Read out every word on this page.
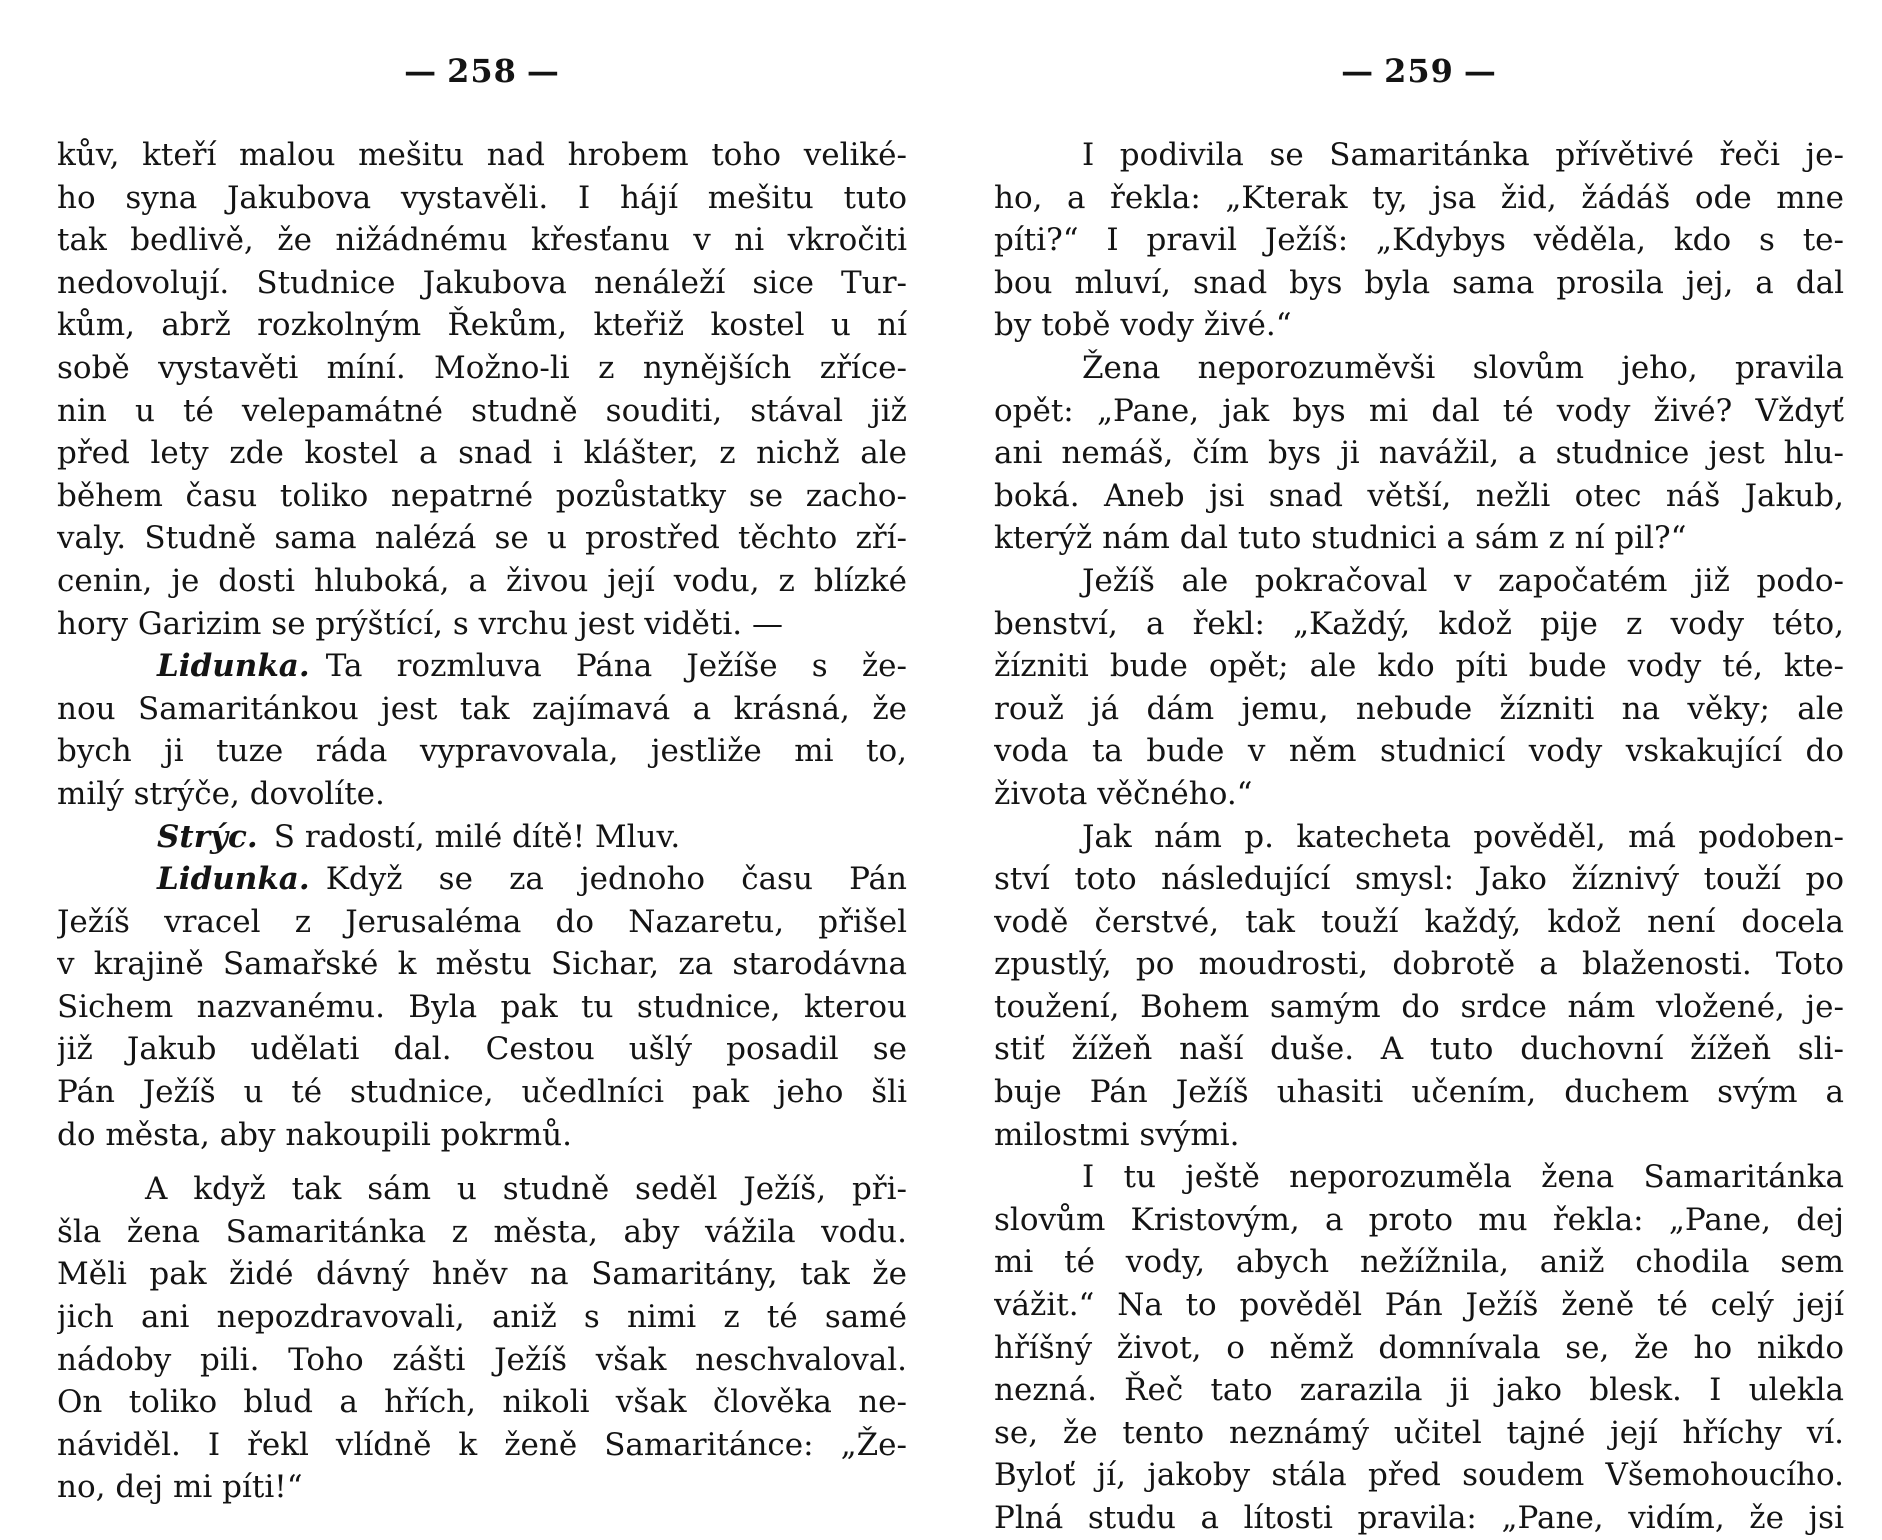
— 258 —
kův, kteří malou mešitu nad hrobem toho veliké-
ho syna Jakubova vystavěli. I hájí mešitu tuto
tak bedlivě, že nižádnému křesťanu v ni vkročiti
nedovolují. Studnice Jakubova nenáleží sice Tur-
kům, abrž rozkolným Řekům, kteřiž kostel u ní
sobě vystavěti míní. Možno-li z nynějších zříce-
nin u té velepamátné studně souditi, stával již
před lety zde kostel a snad i klášter, z nichž ale
během času toliko nepatrné pozůstatky se zacho-
valy. Studně sama nalézá se u prostřed těchto zří-
cenin, je dosti hluboká, a živou její vodu, z blízké
hory Garizim se prýštící, s vrchu jest viděti. —
Lidunka. Ta rozmluva Pána Ježíše s že-
nou Samaritánkou jest tak zajímavá a krásná, že
bych ji tuze ráda vypravovala, jestliže mi to,
milý strýče, dovolíte.
Strýc. S radostí, milé dítě! Mluv.
Lidunka. Když se za jednoho času Pán
Ježíš vracel z Jerusaléma do Nazaretu, přišel
v krajině Samařské k městu Sichar, za starodávna
Sichem nazvanému. Byla pak tu studnice, kterou
již Jakub udělati dal. Cestou ušlý posadil se
Pán Ježíš u té studnice, učedlníci pak jeho šli
do města, aby nakoupili pokrmů.
A když tak sám u studně seděl Ježíš, při-
šla žena Samaritánka z města, aby vážila vodu.
Měli pak židé dávný hněv na Samaritány, tak že
jich ani nepozdravovali, aniž s nimi z té samé
nádoby pili. Toho zášti Ježíš však neschvaloval.
On toliko blud a hřích, nikoli však člověka ne-
náviděl. I řekl vlídně k ženě Samaritánce: „Že-
no, dej mi píti!“
— 259 —
I podivila se Samaritánka přívětivé řeči je-
ho, a řekla: „Kterak ty, jsa žid, žádáš ode mne
píti?“ I pravil Ježíš: „Kdybys věděla, kdo s te-
bou mluví, snad bys byla sama prosila jej, a dal
by tobě vody živé.“
Žena neporozuměvši slovům jeho, pravila
opět: „Pane, jak bys mi dal té vody živé? Vždyť
ani nemáš, čím bys ji navážil, a studnice jest hlu-
boká. Aneb jsi snad větší, nežli otec náš Jakub,
kterýž nám dal tuto studnici a sám z ní pil?“
Ježíš ale pokračoval v započatém již podo-
benství, a řekl: „Každý, kdož pije z vody této,
žízniti bude opět; ale kdo píti bude vody té, kte-
rouž já dám jemu, nebude žízniti na věky; ale
voda ta bude v něm studnicí vody vskakující do
života věčného.“
Jak nám p. katecheta pověděl, má podoben-
ství toto následující smysl: Jako žíznivý touží po
vodě čerstvé, tak touží každý, kdož není docela
zpustlý, po moudrosti, dobrotě a blaženosti. Toto
toužení, Bohem samým do srdce nám vložené, je-
stiť žížeň naší duše. A tuto duchovní žížeň sli-
buje Pán Ježíš uhasiti učením, duchem svým a
milostmi svými.
I tu ještě neporozuměla žena Samaritánka
slovům Kristovým, a proto mu řekla: „Pane, dej
mi té vody, abych nežížnila, aniž chodila sem
vážit.“ Na to pověděl Pán Ježíš ženě té celý její
hříšný život, o němž domnívala se, že ho nikdo
nezná. Řeč tato zarazila ji jako blesk. I ulekla
se, že tento neznámý učitel tajné její hříchy ví.
Byloť jí, jakoby stála před soudem Všemohoucího.
Plná studu a lítosti pravila: „Pane, vidím, že jsi
